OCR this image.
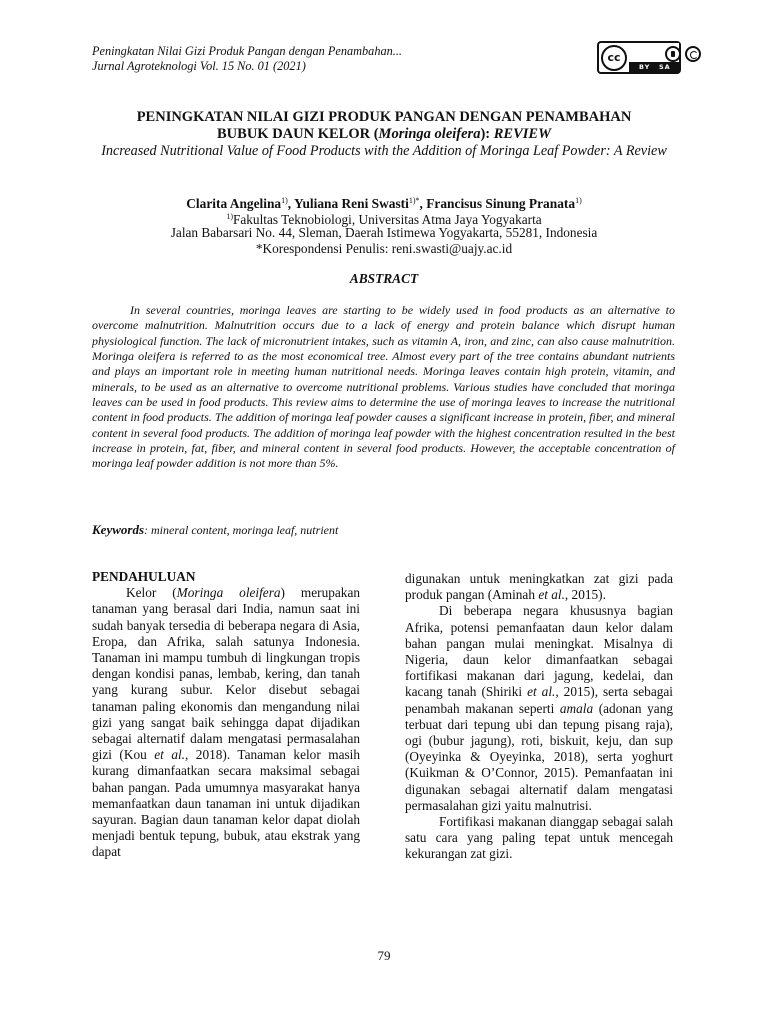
Peningkatan Nilai Gizi Produk Pangan dengan Penambahan...
Jurnal Agroteknologi Vol. 15 No. 01 (2021)
cc
BY SA
PENINGKATAN NILAI GIZI PRODUK PANGAN DENGAN PENAMBAHAN
BUBUK DAUN KELOR (Moringa oleifera): REVIEW
Increased Nutritional Value of Food Products with the Addition of Moringa Leaf Powder: A Review
Clarita Angelina$^{1)}$, Yuliana Reni Swasti$^{1)*}$, Francisus Sinung Pranata$^{1)}$
$^{1)}$Fakultas Teknobiologi, Universitas Atma Jaya Yogyakarta
Jalan Babarsari No. 44, Sleman, Daerah Istimewa Yogyakarta, 55281, Indonesia
*Korespondensi Penulis: reni.swasti@uajy.ac.id
ABSTRACT
In several countries, moringa leaves are starting to be widely used in food products as an alternative to overcome malnutrition. Malnutrition occurs due to a lack of energy and protein balance which disrupt human physiological function. The lack of micronutrient intakes, such as vitamin A, iron, and zinc, can also cause malnutrition. Moringa oleifera is referred to as the most economical tree. Almost every part of the tree contains abundant nutrients and plays an important role in meeting human nutritional needs. Moringa leaves contain high protein, vitamin, and minerals, to be used as an alternative to overcome nutritional problems. Various studies have concluded that moringa leaves can be used in food products. This review aims to determine the use of moringa leaves to increase the nutritional content in food products. The addition of moringa leaf powder causes a significant increase in protein, fiber, and mineral content in several food products. The addition of moringa leaf powder with the highest concentration resulted in the best increase in protein, fat, fiber, and mineral content in several food products. However, the acceptable concentration of moringa leaf powder addition is not more than 5%.
Keywords: mineral content, moringa leaf, nutrient

PENDAHULUAN

Kelor (Moringa oleifera) merupakan tanaman yang berasal dari India, namun saat ini sudah banyak tersedia di beberapa negara di Asia, Eropa, dan Afrika, salah satunya Indonesia. Tanaman ini mampu tumbuh di lingkungan tropis dengan kondisi panas, lembab, kering, dan tanah yang kurang subur. Kelor disebut sebagai tanaman paling ekonomis dan mengandung nilai gizi yang sangat baik sehingga dapat dijadikan sebagai alternatif dalam mengatasi permasalahan gizi (Kou et al., 2018). Tanaman kelor masih kurang dimanfaatkan secara maksimal sebagai bahan pangan. Pada umumnya masyarakat hanya memanfaatkan daun tanaman ini untuk dijadikan sayuran. Bagian daun tanaman kelor dapat diolah menjadi bentuk tepung, bubuk, atau ekstrak yang dapat

digunakan untuk meningkatkan zat gizi pada produk pangan (Aminah et al., 2015).

Di beberapa negara khususnya bagian Afrika, potensi pemanfaatan daun kelor dalam bahan pangan mulai meningkat. Misalnya di Nigeria, daun kelor dimanfaatkan sebagai fortifikasi makanan dari jagung, kedelai, dan kacang tanah (Shiriki et al., 2015), serta sebagai penambah makanan seperti amala (adonan yang terbuat dari tepung ubi dan tepung pisang raja), ogi (bubur jagung), roti, biskuit, keju, dan sup (Oyeyinka & Oyeyinka, 2018), serta yoghurt (Kuikman & O’Connor, 2015). Pemanfaatan ini digunakan sebagai alternatif dalam mengatasi permasalahan gizi yaitu malnutrisi.

Fortifikasi makanan dianggap sebagai salah satu cara yang paling tepat untuk mencegah kekurangan zat gizi.

79
